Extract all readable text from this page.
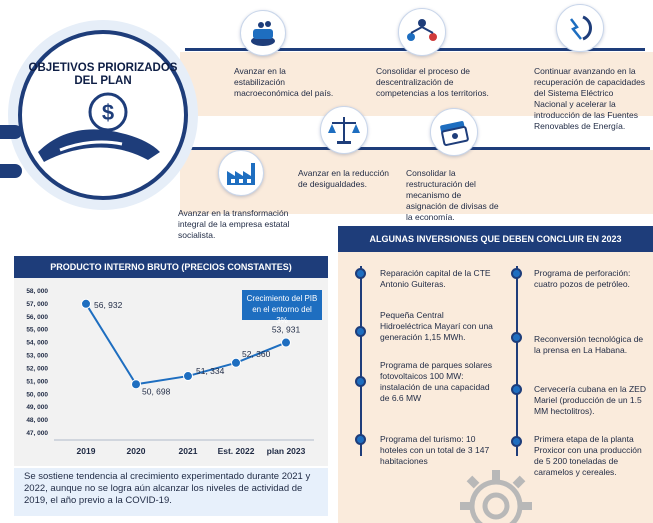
OBJETIVOS PRIORIZADOS DEL PLAN
$
Avanzar en la estabilización macroeconómica del país.
Consolidar el proceso de descentralización de competencias a los territorios.
Continuar avanzando en la recuperación de capacidades del Sistema Eléctrico Nacional y acelerar la introducción de las Fuentes Renovables de Energía.
Avanzar en la reducción de desigualdades.
Consolidar la restructuración del mecanismo de asignación de divisas de la economía.
Avanzar en la transformación integral de la empresa estatal socialista.
PRODUCTO INTERNO BRUTO (PRECIOS CONSTANTES)
58, 000
57, 000
56, 000
55, 000
54, 000
53, 000
52, 000
51, 000
50, 000
49, 000
48, 000
47, 000
2019	2020	2021 Est. 2022 plan 2023
56, 932
50, 698
51, 334
52, 360
53, 931
Crecimiento del PIB en el entorno del 3%
Se sostiene tendencia al crecimiento experimentado durante 2021 y 2022, aunque no se logra aún alcanzar los niveles de actividad de 2019, el año previo a la COVID-19.
ALGUNAS INVERSIONES QUE DEBEN CONCLUIR EN 2023
Reparación capital de la CTE Antonio Guiteras.
Pequeña Central Hidroeléctrica Mayarí con una generación 1,15 MWh.
Programa de parques solares fotovoltaicos 100 MW: instalación de una capacidad de 6.6 MW
Programa del turismo: 10 hoteles con un total de 3 147 habitaciones
Programa de perforación: cuatro pozos de petróleo.
Reconversión tecnológica de la prensa en La Habana.
Cervecería cubana en la ZED Mariel (producción de un 1.5 MM hectolitros).
Primera etapa de la planta Proxicor con una producción de 5 200 toneladas de caramelos y cereales.
